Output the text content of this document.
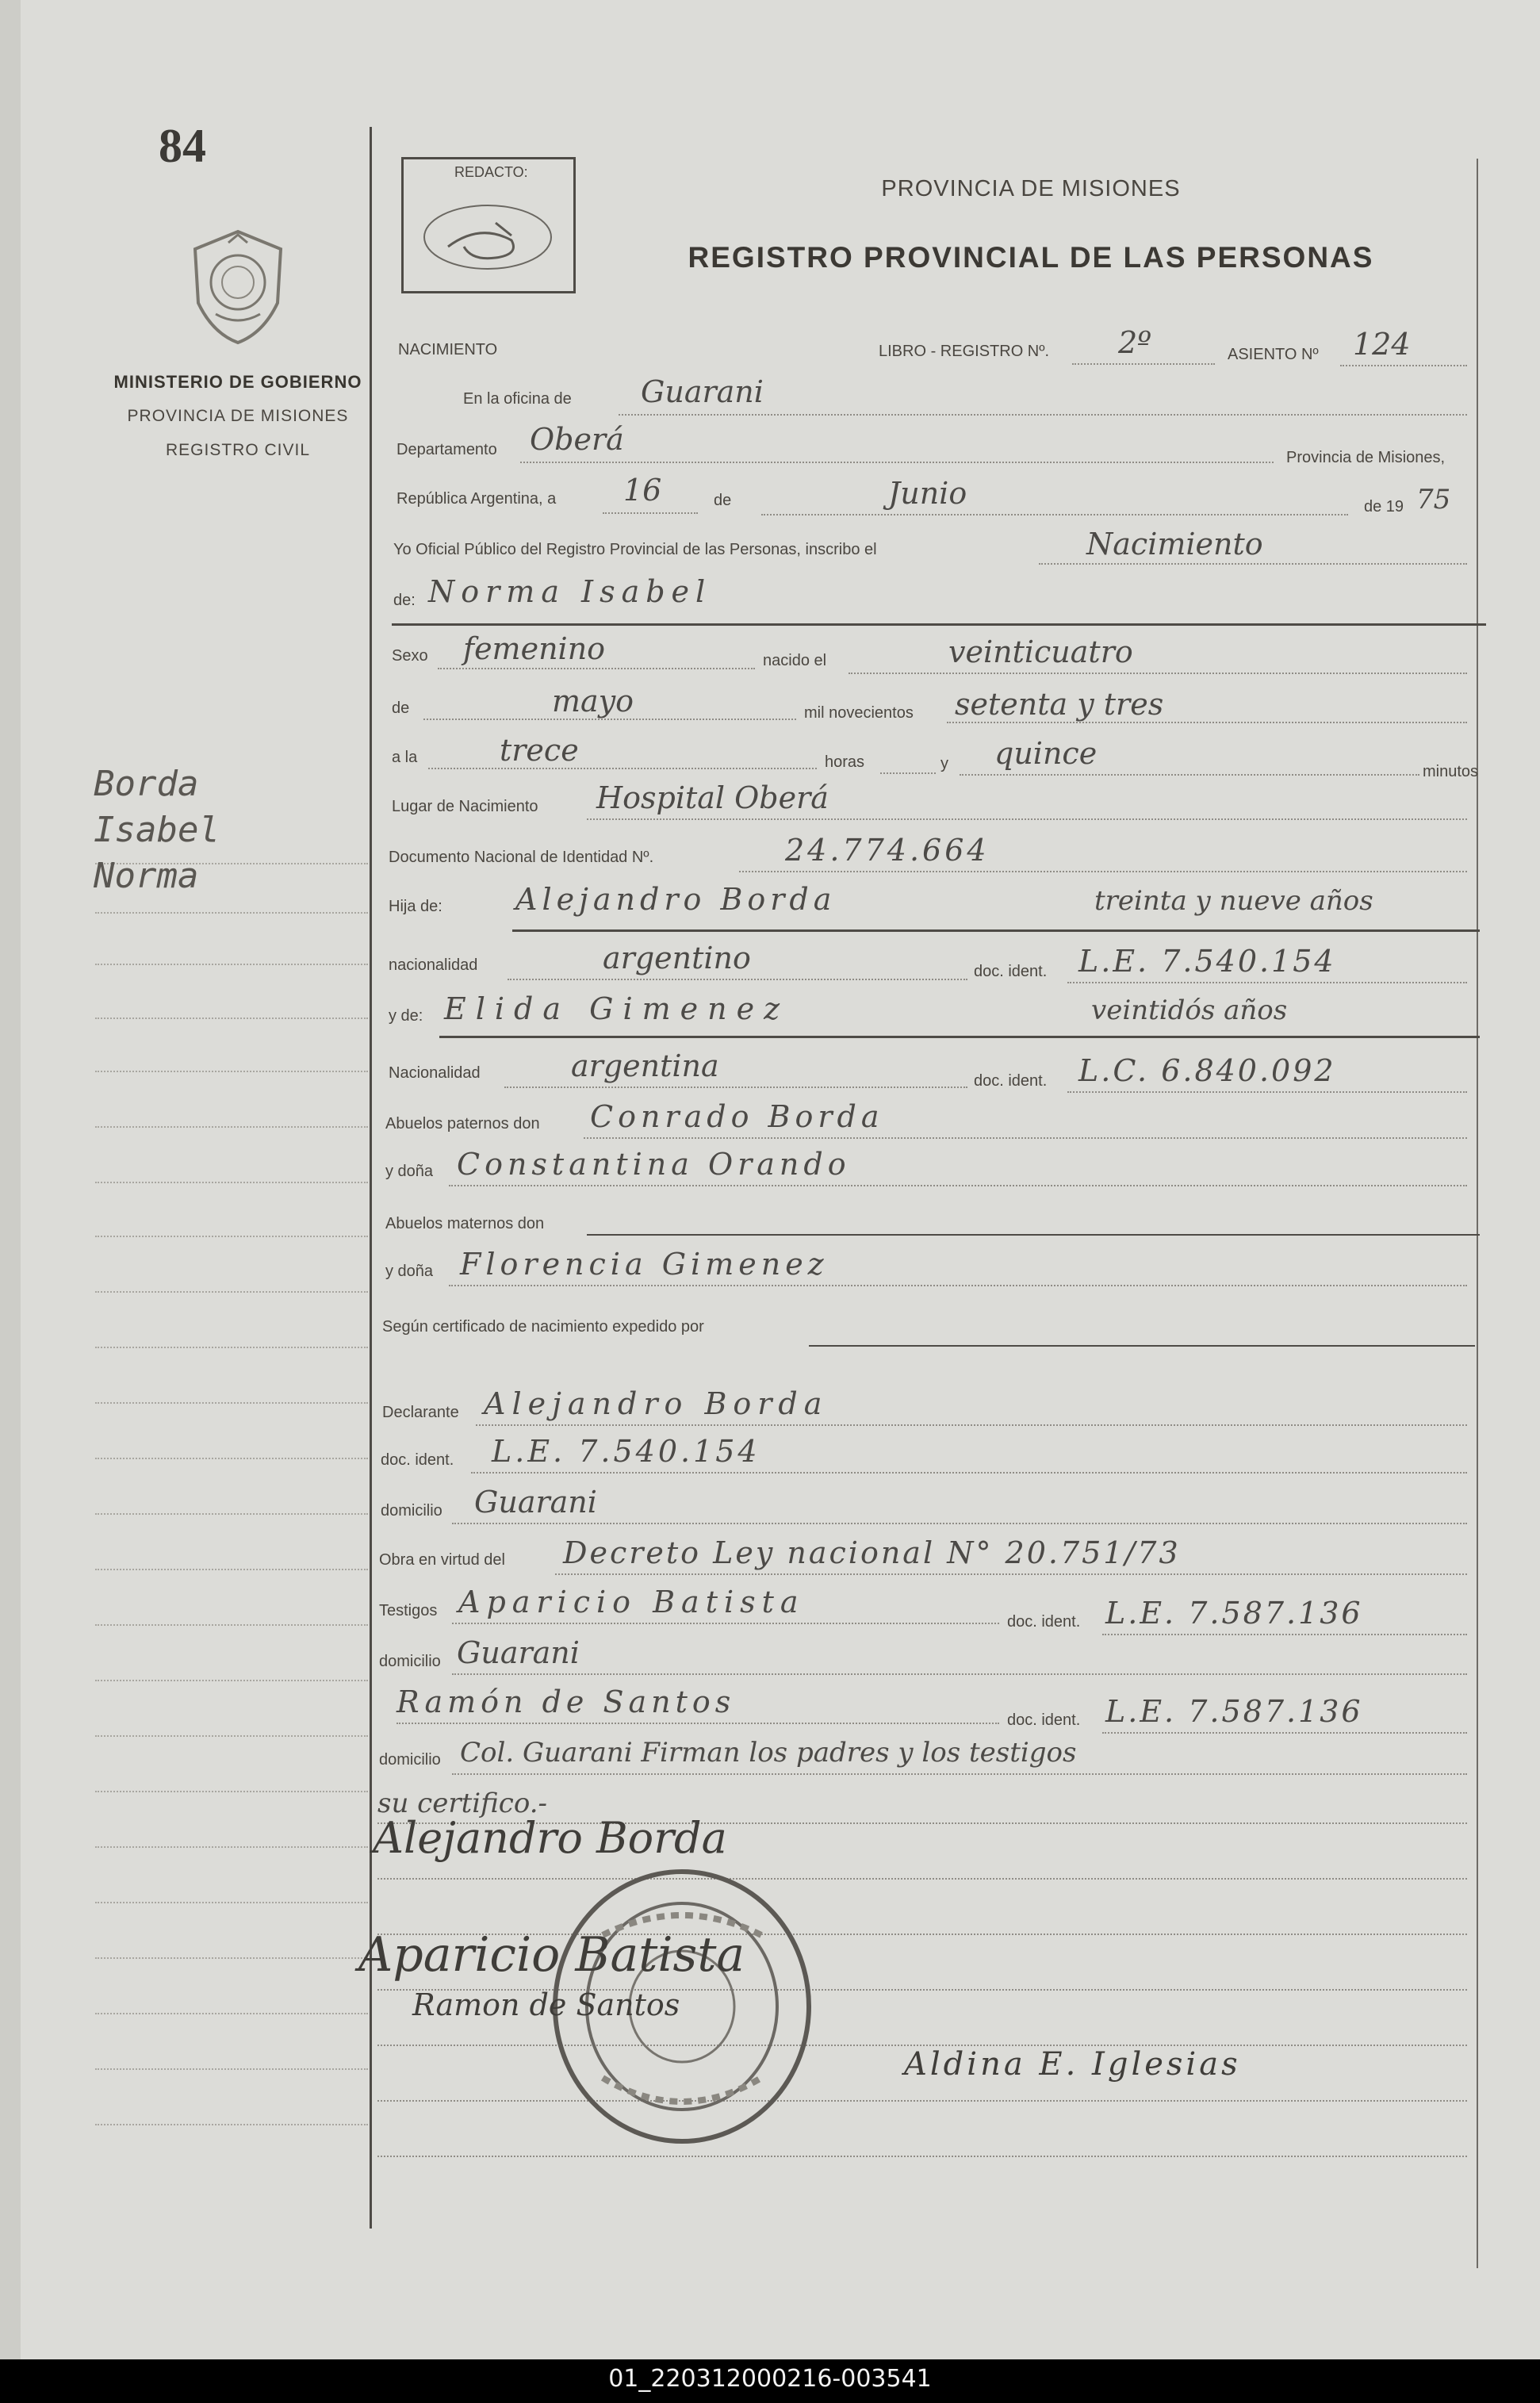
84
MINISTERIO DE GOBIERNO
PROVINCIA DE MISIONES
REGISTRO CIVIL
Borda
Isabel
Norma
REDACTO:
PROVINCIA DE MISIONES
REGISTRO PROVINCIAL DE LAS PERSONAS
NACIMIENTO	LIBRO - REGISTRO Nº. 2º	ASIENTO Nº 124
En la oficina de Guarani
Departamento Oberá
Provincia de Misiones,
República Argentina, a 16	de	Junio	de 19 75
Yo Oficial Público del Registro Provincial de las Personas, inscribo el	Nacimiento
de: Norma Isabel
Sexo femenino	nacido el	veinticuatro
de	mayo	mil novecientos setenta y tres
a la	trece	horas	y quince
minutos
Lugar de Nacimiento Hospital Oberá
Documento Nacional de Identidad Nº.	24.774.664
Hija de: Alejandro Borda	treinta y nueve años
nacionalidad	argentino	doc. ident. L.E. 7.540.154
y de: Elida Gimenez	veintidós años
Nacionalidad	argentina	doc. ident. L.C. 6.840.092
Abuelos paternos don Conrado Borda
y doña Constantina Orando
Abuelos maternos don
y doña Florencia Gimenez
Según certificado de nacimiento expedido por
Declarante Alejandro Borda
doc. ident. L.E. 7.540.154
domicilio Guarani
Obra en virtud del Decreto Ley nacional N° 20.751/73
Testigos Aparicio Batista
doc. ident. L.E. 7.587.136
domicilio Guarani
Ramón de Santos
doc. ident. L.E. 7.587.136
domicilio Col. Guarani Firman los padres y los testigos
su certifico.-
Alejandro Borda
Aparicio Batista
Ramon de Santos
Aldina E. Iglesias
01_220312000216-003541
